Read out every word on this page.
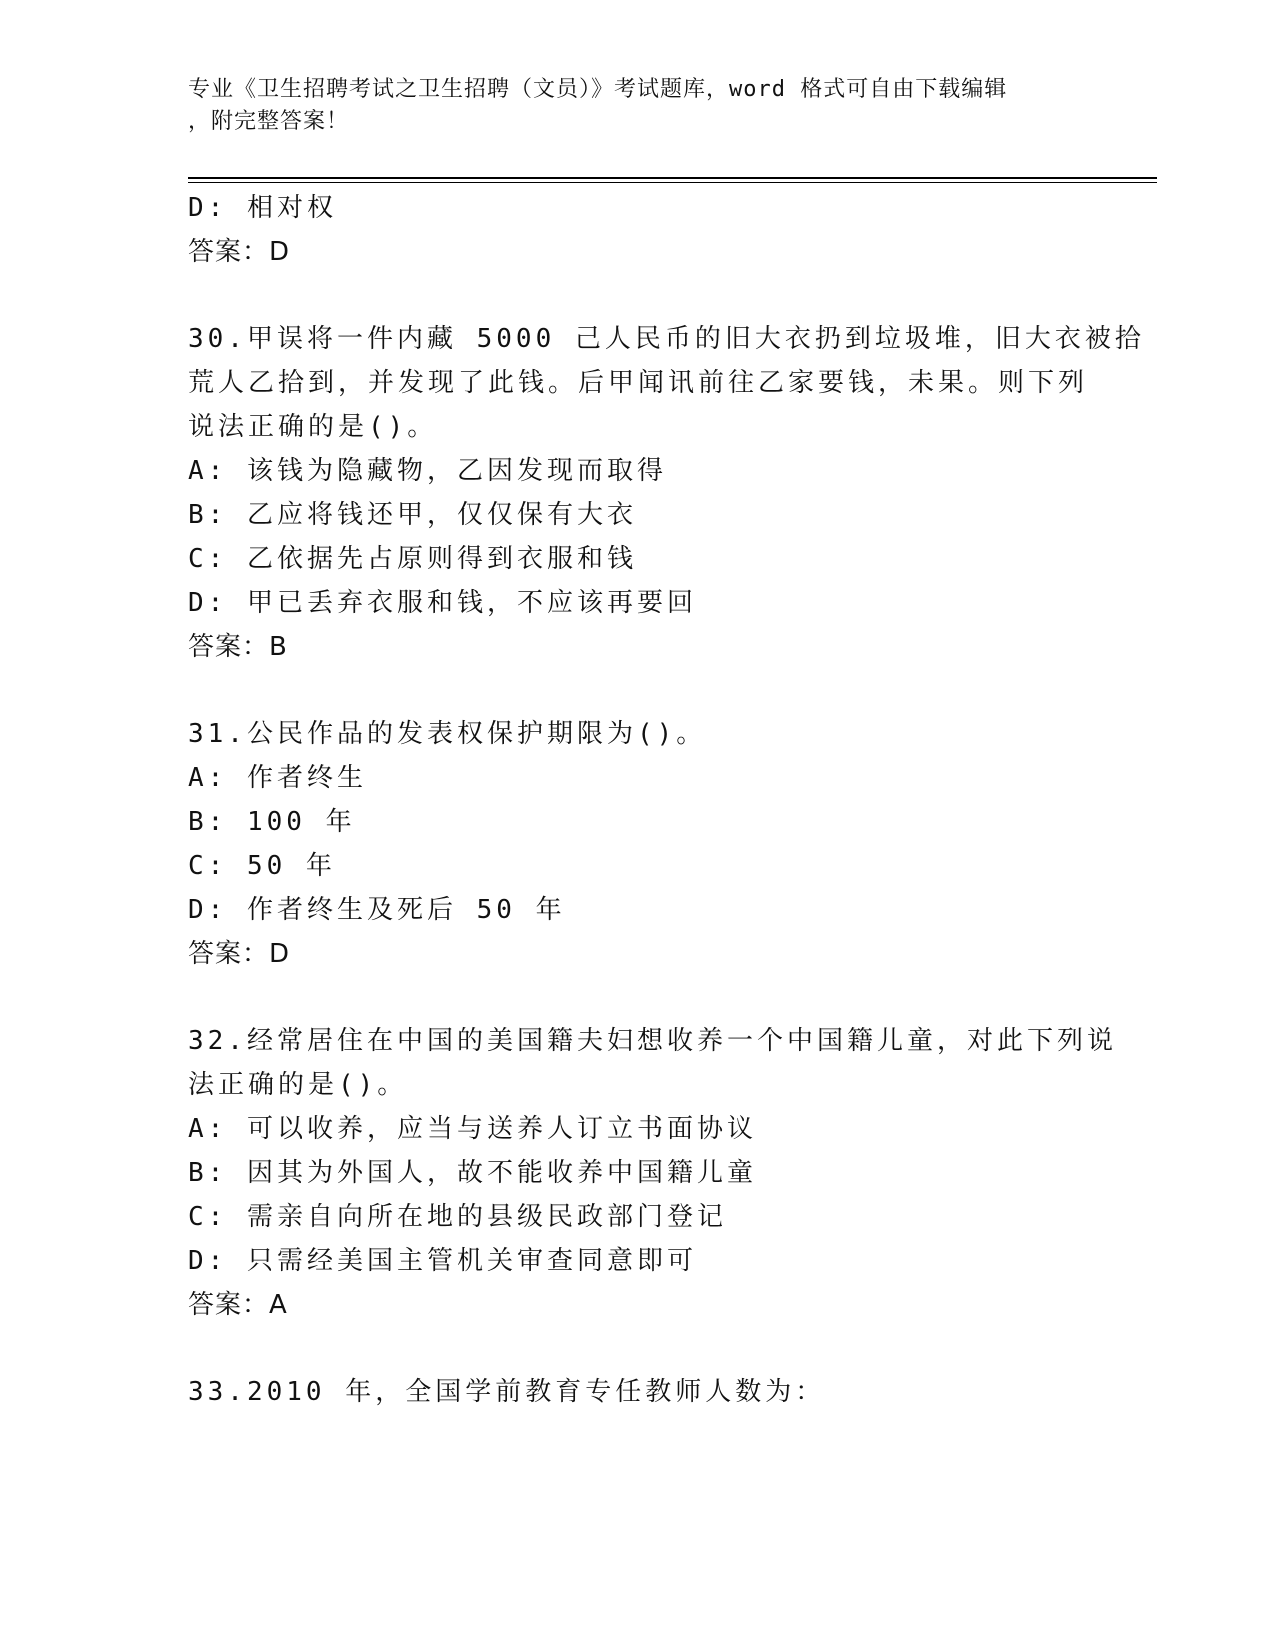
专业《卫生招聘考试之卫生招聘（文员）》考试题库，word 格式可自由下载编辑
，附完整答案！
D: 相对权
答案：D
30.甲误将一件内藏 5000 己人民币的旧大衣扔到垃圾堆，旧大衣被拾
荒人乙拾到，并发现了此钱。后甲闻讯前往乙家要钱，未果。则下列
说法正确的是()。
A: 该钱为隐藏物，乙因发现而取得
B: 乙应将钱还甲，仅仅保有大衣
C: 乙依据先占原则得到衣服和钱
D: 甲已丢弃衣服和钱，不应该再要回
答案：B
31.公民作品的发表权保护期限为()。
A: 作者终生
B: 100 年
C: 50 年
D: 作者终生及死后 50 年
答案：D
32.经常居住在中国的美国籍夫妇想收养一个中国籍儿童，对此下列说
法正确的是()。
A: 可以收养，应当与送养人订立书面协议
B: 因其为外国人，故不能收养中国籍儿童
C: 需亲自向所在地的县级民政部门登记
D: 只需经美国主管机关审查同意即可
答案：A
33.2010 年，全国学前教育专任教师人数为：
